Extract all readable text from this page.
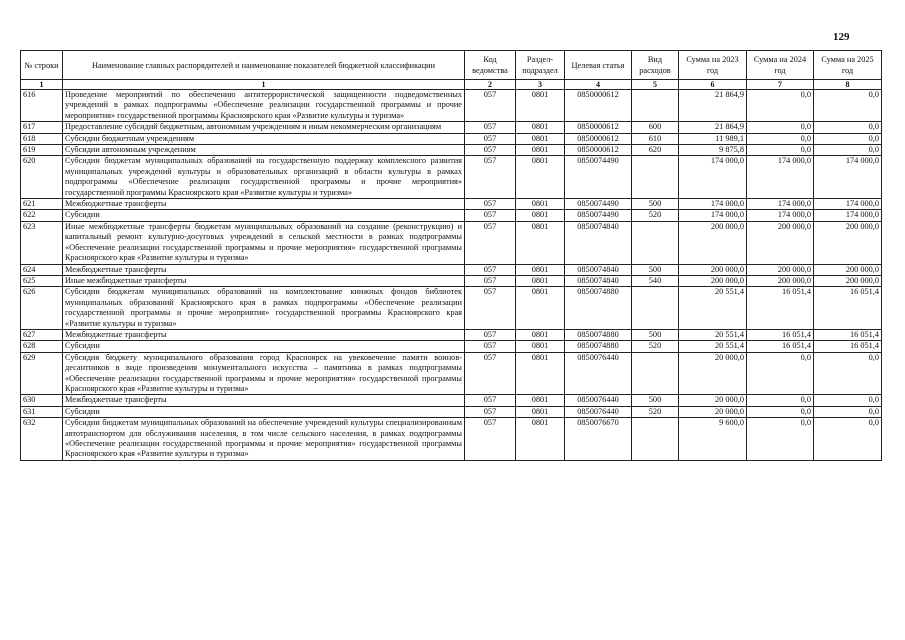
129
№ строки	Наименование главных распорядителей и наименование показателей бюджетной классификации	Код ведомства	Раздел-подраздел	Целевая статья	Вид расходов	Сумма на 2023 год	Сумма на 2024 год	Сумма на 2025 год
1	1	2	3	4	5	6	7	8
616	Проведение мероприятий по обеспечению антитеррористической защищенности подведомственных учреждений в рамках подпрограммы «Обеспечение реализации государственной программы и прочие мероприятия» государственной программы Красноярского края «Развитие культуры и туризма»	057	0801	0850000612		21 864,9	0,0	0,0
617	Предоставление субсидий бюджетным, автономным учреждениям и иным некоммерческим организациям	057	0801	0850000612	600	21 864,9	0,0	0,0
618	Субсидии бюджетным учреждениям	057	0801	0850000612	610	11 989,1	0,0	0,0
619	Субсидии автономным учреждениям	057	0801	0850000612	620	9 875,8	0,0	0,0
620	Субсидии бюджетам муниципальных образований на государственную поддержку комплексного развития муниципальных учреждений культуры и образовательных организаций в области культуры в рамках подпрограммы «Обеспечение реализации государственной программы и прочие мероприятия» государственной программы Красноярского края «Развитие культуры и туризма»	057	0801	0850074490		174 000,0	174 000,0	174 000,0
621	Межбюджетные трансферты	057	0801	0850074490	500	174 000,0	174 000,0	174 000,0
622	Субсидии	057	0801	0850074490	520	174 000,0	174 000,0	174 000,0
623	Иные межбюджетные трансферты бюджетам муниципальных образований на создание (реконструкцию) и капитальный ремонт культурно-досуговых учреждений в сельской местности в рамках подпрограммы «Обеспечение реализации государственной программы и прочие мероприятия» государственной программы Красноярского края «Развитие культуры и туризма»	057	0801	0850074840		200 000,0	200 000,0	200 000,0
624	Межбюджетные трансферты	057	0801	0850074840	500	200 000,0	200 000,0	200 000,0
625	Иные межбюджетные трансферты	057	0801	0850074840	540	200 000,0	200 000,0	200 000,0
626	Субсидии бюджетам муниципальных образований на комплектование книжных фондов библиотек муниципальных образований Красноярского края в рамках подпрограммы «Обеспечение реализации государственной программы и прочие мероприятия» государственной программы Красноярского края «Развитие культуры и туризма»	057	0801	0850074880		20 551,4	16 051,4	16 051,4
627	Межбюджетные трансферты	057	0801	0850074880	500	20 551,4	16 051,4	16 051,4
628	Субсидии	057	0801	0850074880	520	20 551,4	16 051,4	16 051,4
629	Субсидия бюджету муниципального образования город Красноярск на увековечение памяти воинов-десантников в виде произведения монументального искусства – памятника в рамках подпрограммы «Обеспечение реализации государственной программы и прочие мероприятия» государственной программы Красноярского края «Развитие культуры и туризма»	057	0801	0850076440		20 000,0	0,0	0,0
630	Межбюджетные трансферты	057	0801	0850076440	500	20 000,0	0,0	0,0
631	Субсидии	057	0801	0850076440	520	20 000,0	0,0	0,0
632	Субсидии бюджетам муниципальных образований на обеспечение учреждений культуры специализированным автотранспортом для обслуживания населения, в том числе сельского населения, в рамках подпрограммы «Обеспечение реализации государственной программы и прочие мероприятия» государственной программы Красноярского края «Развитие культуры и туризма»	057	0801	0850076670		9 600,0	0,0	0,0
